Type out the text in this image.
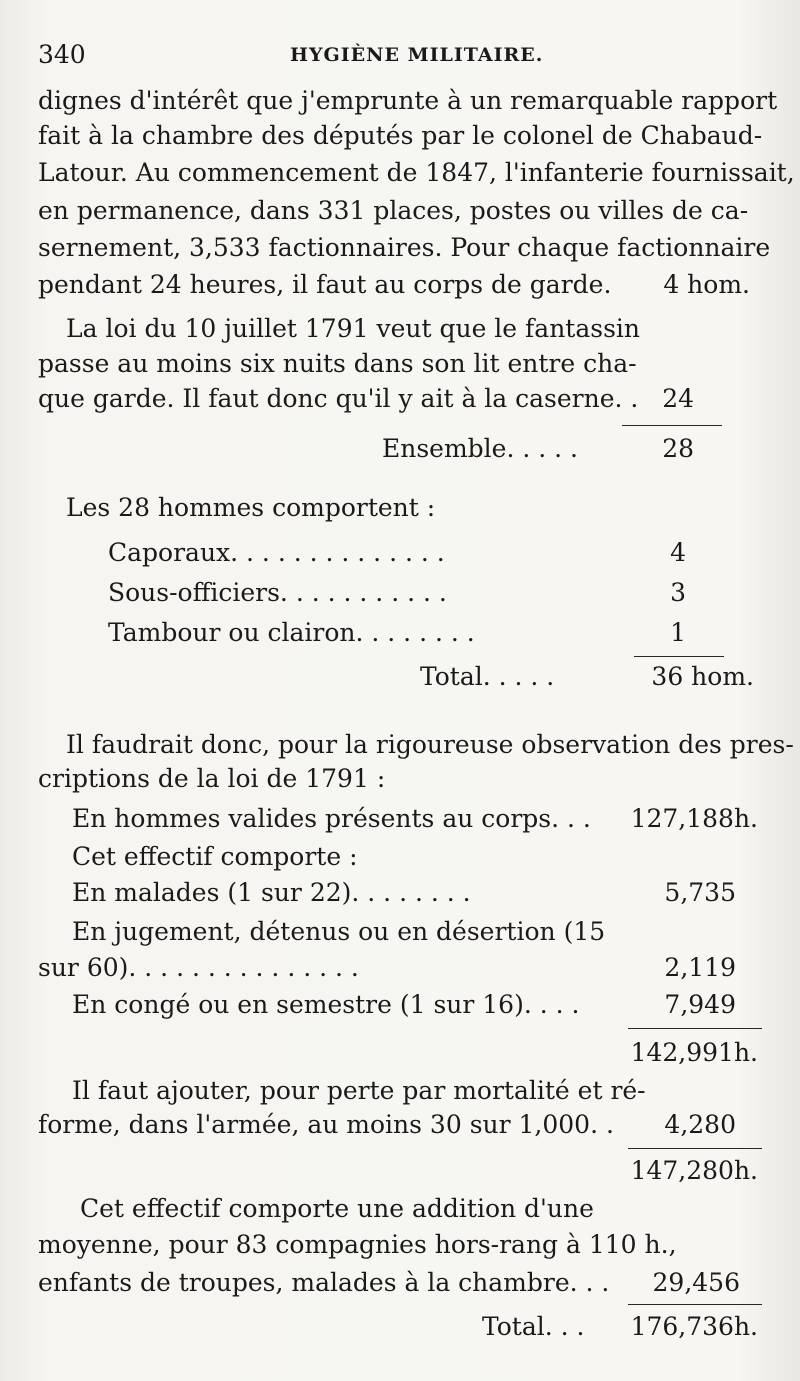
340	HYGIÈNE MILITAIRE.
dignes d'intérêt que j'emprunte à un remarquable rapport
fait à la chambre des députés par le colonel de Chabaud-
Latour. Au commencement de 1847, l'infanterie fournissait,
en permanence, dans 331 places, postes ou villes de ca-
sernement, 3,533 factionnaires. Pour chaque factionnaire
pendant 24 heures, il faut au corps de garde. 4 hom.
La loi du 10 juillet 1791 veut que le fantassin
passe au moins six nuits dans son lit entre cha-
que garde. Il faut donc qu'il y ait à la caserne. . 24
Ensemble. . . . .	28
Les 28 hommes comportent :
Caporaux. . . . . . . . . . . . . .	4
Sous-officiers. . . . . . . . . . .	3
Tambour ou clairon. . . . . . . .	1
Total. . . . .	36 hom.
Il faudrait donc, pour la rigoureuse observation des pres-
criptions de la loi de 1791 :
En hommes valides présents au corps. . .	127,188h.
Cet effectif comporte :
En malades (1 sur 22). . . . . . . .	5,735
En jugement, détenus ou en désertion (15
sur 60). . . . . . . . . . . . . . .	2,119
En congé ou en semestre (1 sur 16). . . .	7,949
142,991h.
Il faut ajouter, pour perte par mortalité et ré-
forme, dans l'armée, au moins 30 sur 1,000. .	4,280
147,280h.
Cet effectif comporte une addition d'une
moyenne, pour 83 compagnies hors-rang à 110 h.,
enfants de troupes, malades à la chambre. . .	29,456
Total. . .	176,736h.
